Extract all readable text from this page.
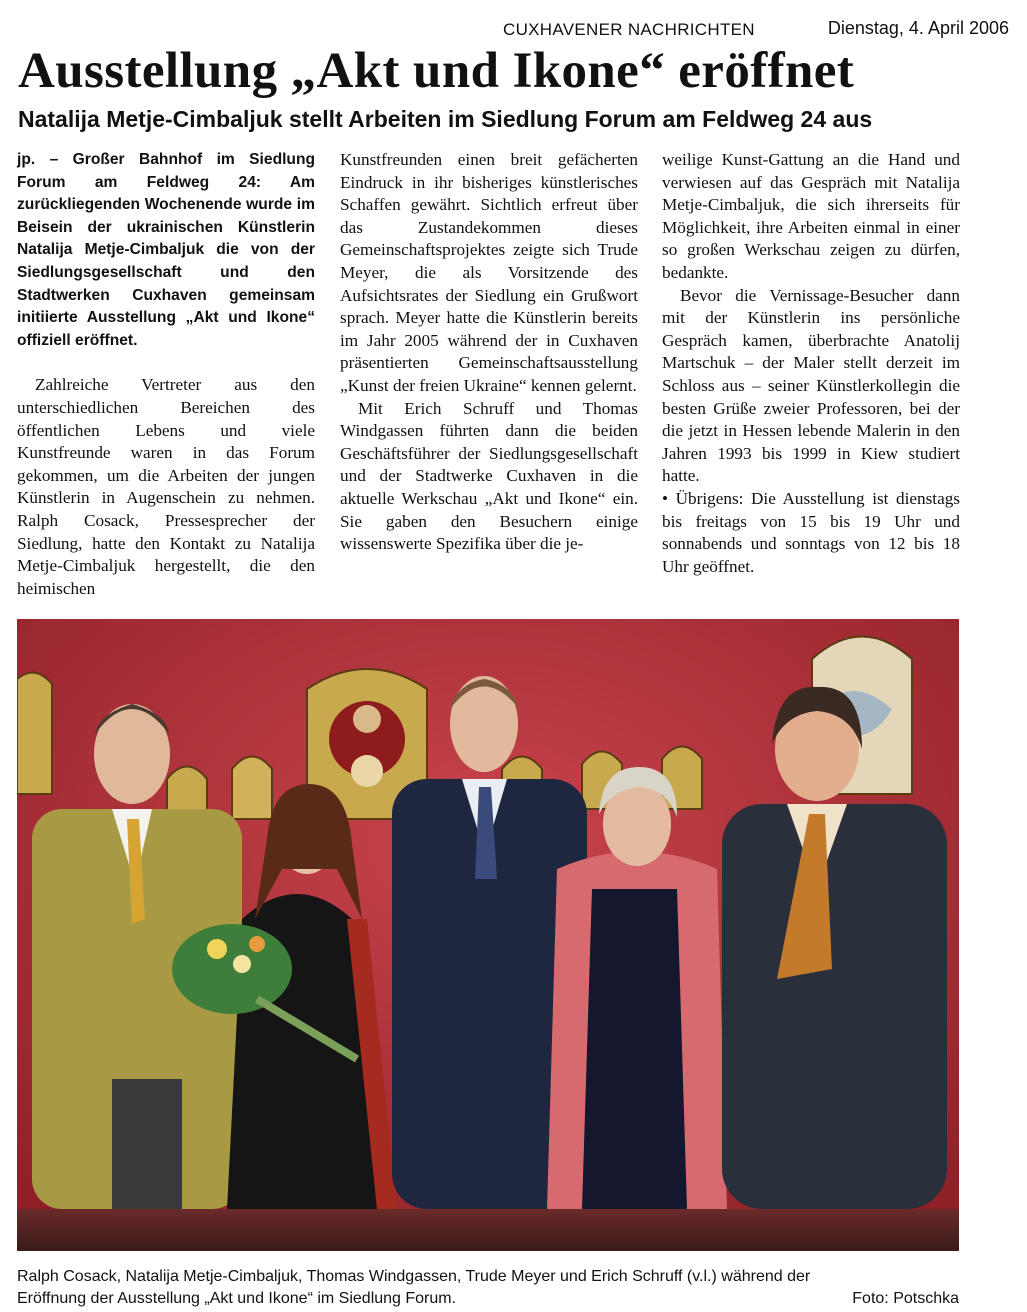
CUXHAVENER NACHRICHTEN	Dienstag, 4. April 2006
Ausstellung „Akt und Ikone“ eröffnet
Natalija Metje-Cimbaljuk stellt Arbeiten im Siedlung Forum am Feldweg 24 aus

jp. – Großer Bahnhof im Siedlung Forum am Feldweg 24: Am zurückliegenden Wochenende wurde im Beisein der ukrainischen Künstlerin Natalija Metje-Cimbaljuk die von der Siedlungsgesellschaft und den Stadtwerken Cuxhaven gemeinsam initiierte Ausstellung „Akt und Ikone“ offiziell eröffnet.

Zahlreiche Vertreter aus den unterschiedlichen Bereichen des öffentlichen Lebens und viele Kunstfreunde waren in das Forum gekommen, um die Arbeiten der jungen Künstlerin in Augenschein zu nehmen. Ralph Cosack, Pressesprecher der Siedlung, hatte den Kontakt zu Natalija Metje-Cimbaljuk hergestellt, die den heimischen

Kunstfreunden einen breit gefächerten Eindruck in ihr bisheriges künstlerisches Schaffen gewährt. Sichtlich erfreut über das Zustandekommen dieses Gemeinschaftsprojektes zeigte sich Trude Meyer, die als Vorsitzende des Aufsichtsrates der Siedlung ein Grußwort sprach. Meyer hatte die Künstlerin bereits im Jahr 2005 während der in Cuxhaven präsentierten Gemeinschaftsausstellung „Kunst der freien Ukraine“ kennen gelernt.

Mit Erich Schruff und Thomas Windgassen führten dann die beiden Geschäftsführer der Siedlungsgesellschaft und der Stadtwerke Cuxhaven in die aktuelle Werkschau „Akt und Ikone“ ein. Sie gaben den Besuchern einige wissenswerte Spezifika über die je-

weilige Kunst-Gattung an die Hand und verwiesen auf das Gespräch mit Natalija Metje-Cimbaljuk, die sich ihrerseits für Möglichkeit, ihre Arbeiten einmal in einer so großen Werkschau zeigen zu dürfen, bedankte.

Bevor die Vernissage-Besucher dann mit der Künstlerin ins persönliche Gespräch kamen, überbrachte Anatolij Martschuk – der Maler stellt derzeit im Schloss aus – seiner Künstlerkollegin die besten Grüße zweier Professoren, bei der die jetzt in Hessen lebende Malerin in den Jahren 1993 bis 1999 in Kiew studiert hatte.

• Übrigens: Die Ausstellung ist dienstags bis freitags von 15 bis 19 Uhr und sonnabends und sonntags von 12 bis 18 Uhr geöffnet.

Ralph Cosack, Natalija Metje-Cimbaljuk, Thomas Windgassen, Trude Meyer und Erich Schruff (v.l.) während der Eröffnung der Ausstellung „Akt und Ikone“ im Siedlung Forum.	Foto: Potschka
